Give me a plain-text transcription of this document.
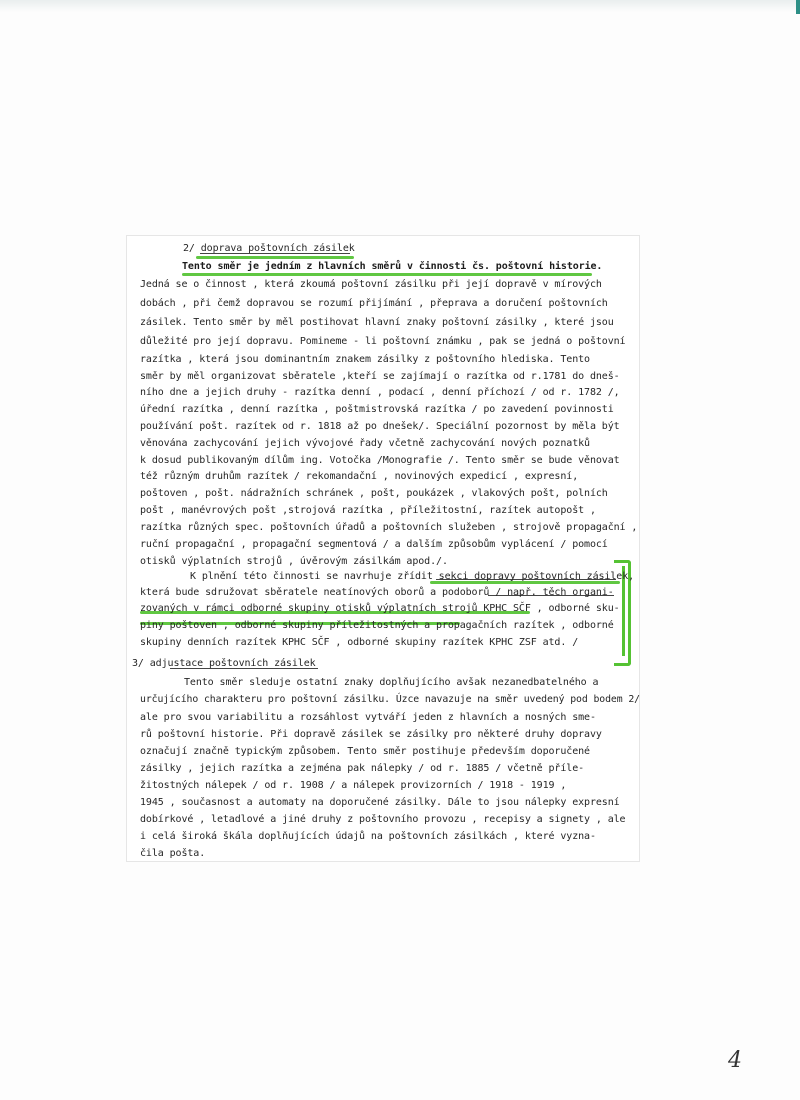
2/ doprava poštovních zásilek
Tento směr je jedním z hlavních směrů v činnosti čs. poštovní historie.
Jedná se o činnost , která zkoumá poštovní zásilku při její dopravě v mírových
dobách , při čemž dopravou se rozumí přijímání , přeprava a doručení poštovních
zásilek. Tento směr by měl postihovat hlavní znaky poštovní zásilky , které jsou
důležité pro její dopravu. Pomineme - li poštovní známku , pak se jedná o poštovní
razítka , která jsou dominantním znakem zásilky z poštovního hlediska. Tento
směr by měl organizovat sběratele ,kteří se zajímají o razítka od r.1781 do dneš-
ního dne a jejich druhy - razítka denní , podací , denní příchozí / od r. 1782 /,
úřední razítka , denní razítka , poštmistrovská razítka / po zavedení povinnosti
používání pošt. razítek od r. 1818 až po dnešek/. Speciální pozornost by měla být
věnována zachycování jejich vývojové řady včetně zachycování nových poznatků
k dosud publikovaným dílům ing. Votočka /Monografie /. Tento směr se bude věnovat
též různým druhům razítek / rekomandační , novinových expedicí , expresní,
poštoven , pošt. nádražních schránek , pošt, poukázek , vlakových pošt, polních
pošt , manévrových pošt ,strojová razítka , příležitostní, razítek autopošt ,
razítka různých spec. poštovních úřadů a poštovních služeben , strojově propagační ,
ruční propagační , propagační segmentová / a dalším způsobům vyplácení / pomocí
otisků výplatních strojů , úvěrovým zásilkám apod./.
K plnění této činnosti se navrhuje zřídit sekci dopravy poštovních zásilek,
která bude sdružovat sběratele neatínových oborů a podoborů / např. těch organi-
zovaných v rámci odborné skupiny otisků výplatních strojů KPHC SČF , odborné sku-
piny poštoven , odborné skupiny příležitostných a propagačních razítek , odborné
skupiny denních razítek KPHC SČF , odborné skupiny razítek KPHC ZSF atd. /
3/ adjustace poštovních zásilek
Tento směr sleduje ostatní znaky doplňujícího avšak nezanedbatelného a
určujícího charakteru pro poštovní zásilku. Úzce navazuje na směr uvedený pod bodem 2/
ale pro svou variabilitu a rozsáhlost vytváří jeden z hlavních a nosných sme-
rů poštovní historie. Při dopravě zásilek se zásilky pro některé druhy dopravy
označují značně typickým způsobem. Tento směr postihuje především doporučené
zásilky , jejich razítka a zejména pak nálepky / od r. 1885 / včetně příle-
žitostných nálepek / od r. 1908 / a nálepek provizorních / 1918 - 1919 ,
1945 , současnost a automaty na doporučené zásilky. Dále to jsou nálepky expresní
dobírkové , letadlové a jiné druhy z poštovního provozu , recepisy a signety , ale
i celá široká škála doplňujících údajů na poštovních zásilkách , které vyzna-
čila pošta.
4
